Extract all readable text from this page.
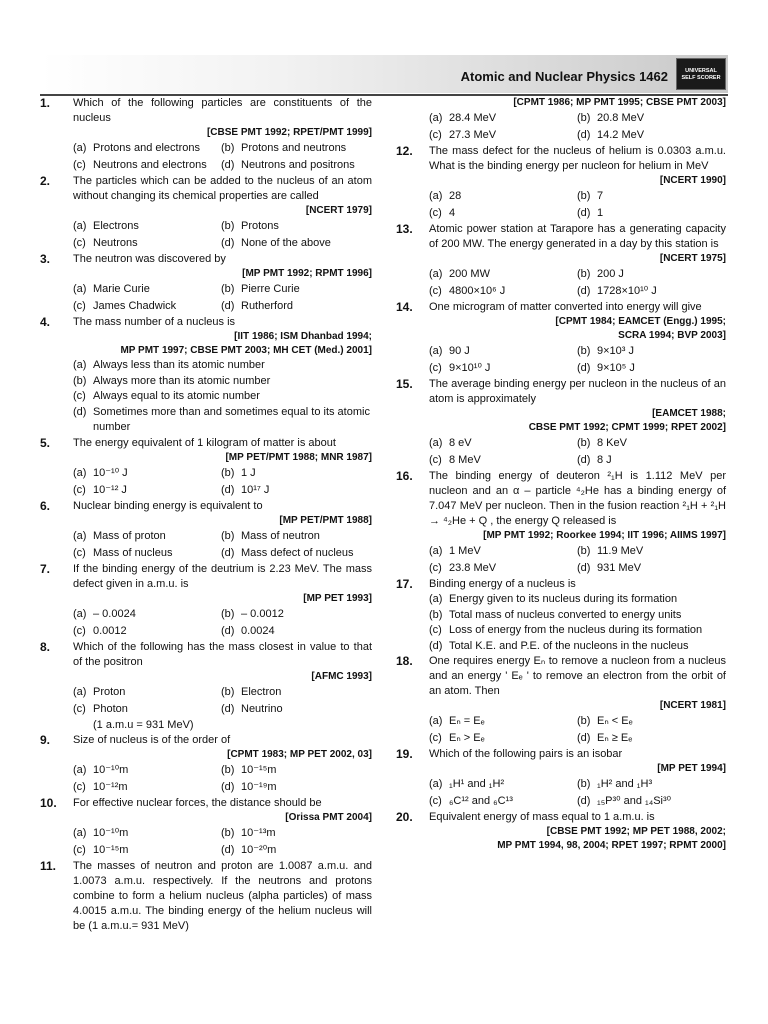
Atomic and Nuclear Physics 1462	UNIVERSAL
SELF SCORER
1. Which of the following particles are constituents of the nucleus
[CBSE PMT 1992; RPET/PMT 1999]
(a) Protons and electrons	(b) Protons and neutrons
(c) Neutrons and electrons	(d) Neutrons and positrons
2. The particles which can be added to the nucleus of an atom without changing its chemical properties are called
[NCERT 1979]
(a) Electrons	(b) Protons
(c) Neutrons	(d) None of the above
3. The neutron was discovered by
[MP PMT 1992; RPMT 1996]
(a) Marie Curie	(b) Pierre Curie
(c) James Chadwick	(d) Rutherford
4. The mass number of a nucleus is
[IIT 1986; ISM Dhanbad 1994;
MP PMT 1997; CBSE PMT 2003; MH CET (Med.) 2001]
(a) Always less than its atomic number
(b) Always more than its atomic number
(c) Always equal to its atomic number
(d) Sometimes more than and sometimes equal to its atomic number
5. The energy equivalent of 1 kilogram of matter is about
[MP PET/PMT 1988; MNR 1987]
(a) 10⁻¹⁰ J	(b) 1 J
(c) 10⁻¹² J	(d) 10¹⁷ J
6. Nuclear binding energy is equivalent to
[MP PET/PMT 1988]
(a) Mass of proton	(b) Mass of neutron
(c) Mass of nucleus	(d) Mass defect of nucleus
7. If the binding energy of the deutrium is 2.23 MeV. The mass defect given in a.m.u. is
[MP PET 1993]
(a) – 0.0024	(b) – 0.0012
(c) 0.0012	(d) 0.0024
8. Which of the following has the mass closest in value to that of the positron
[AFMC 1993]
(a) Proton	(b) Electron
(c) Photon	(d) Neutrino
(1 a.m.u = 931 MeV)
9. Size of nucleus is of the order of
[CPMT 1983; MP PET 2002, 03]
(a) 10⁻¹⁰m	(b) 10⁻¹⁵m
(c) 10⁻¹²m	(d) 10⁻¹⁹m
10. For effective nuclear forces, the distance should be
[Orissa PMT 2004]
(a) 10⁻¹⁰m	(b) 10⁻¹³m
(c) 10⁻¹⁵m	(d) 10⁻²⁰m
11. The masses of neutron and proton are 1.0087 a.m.u. and 1.0073 a.m.u. respectively. If the neutrons and protons combine to form a helium nucleus (alpha particles) of mass 4.0015 a.m.u. The binding energy of the helium nucleus will be (1 a.m.u.= 931 MeV)
[CPMT 1986; MP PMT 1995; CBSE PMT 2003]
(a) 28.4 MeV	(b) 20.8 MeV
(c) 27.3 MeV	(d) 14.2 MeV
12. The mass defect for the nucleus of helium is 0.0303 a.m.u. What is the binding energy per nucleon for helium in MeV
[NCERT 1990]
(a) 28	(b) 7
(c) 4	(d) 1
13. Atomic power station at Tarapore has a generating capacity of 200 MW. The energy generated in a day by this station is
[NCERT 1975]
(a) 200 MW	(b) 200 J
(c) 4800×10⁶ J	(d) 1728×10¹⁰ J
14. One microgram of matter converted into energy will give
[CPMT 1984; EAMCET (Engg.) 1995;
SCRA 1994; BVP 2003]
(a) 90 J	(b) 9×10³ J
(c) 9×10¹⁰ J	(d) 9×10⁵ J
15. The average binding energy per nucleon in the nucleus of an atom is approximately
[EAMCET 1988;
CBSE PMT 1992; CPMT 1999; RPET 2002]
(a) 8 eV	(b) 8 KeV
(c) 8 MeV	(d) 8 J
16. The binding energy of deuteron ²₁H is 1.112 MeV per nucleon and an α – particle ⁴₂He has a binding energy of 7.047 MeV per nucleon. Then in the fusion reaction ²₁H + ²₁H → ⁴₂He + Q , the energy Q released is
[MP PMT 1992; Roorkee 1994; IIT 1996; AIIMS 1997]
(a) 1 MeV	(b) 11.9 MeV
(c) 23.8 MeV	(d) 931 MeV
17. Binding energy of a nucleus is
(a) Energy given to its nucleus during its formation
(b) Total mass of nucleus converted to energy units
(c) Loss of energy from the nucleus during its formation
(d) Total K.E. and P.E. of the nucleons in the nucleus
18. One requires energy Eₙ to remove a nucleon from a nucleus and an energy ' Eₑ ' to remove an electron from the orbit of an atom. Then
[NCERT 1981]
(a) Eₙ = Eₑ	(b) Eₙ < Eₑ
(c) Eₙ > Eₑ	(d) Eₙ ≥ Eₑ
19. Which of the following pairs is an isobar
[MP PET 1994]
(a) ₁H¹ and ₁H²	(b) ₁H² and ₁H³
(c) ₆C¹² and ₆C¹³	(d) ₁₅P³⁰ and ₁₄Si³⁰
20. Equivalent energy of mass equal to 1 a.m.u. is
[CBSE PMT 1992; MP PET 1988, 2002;
MP PMT 1994, 98, 2004; RPET 1997; RPMT 2000]
